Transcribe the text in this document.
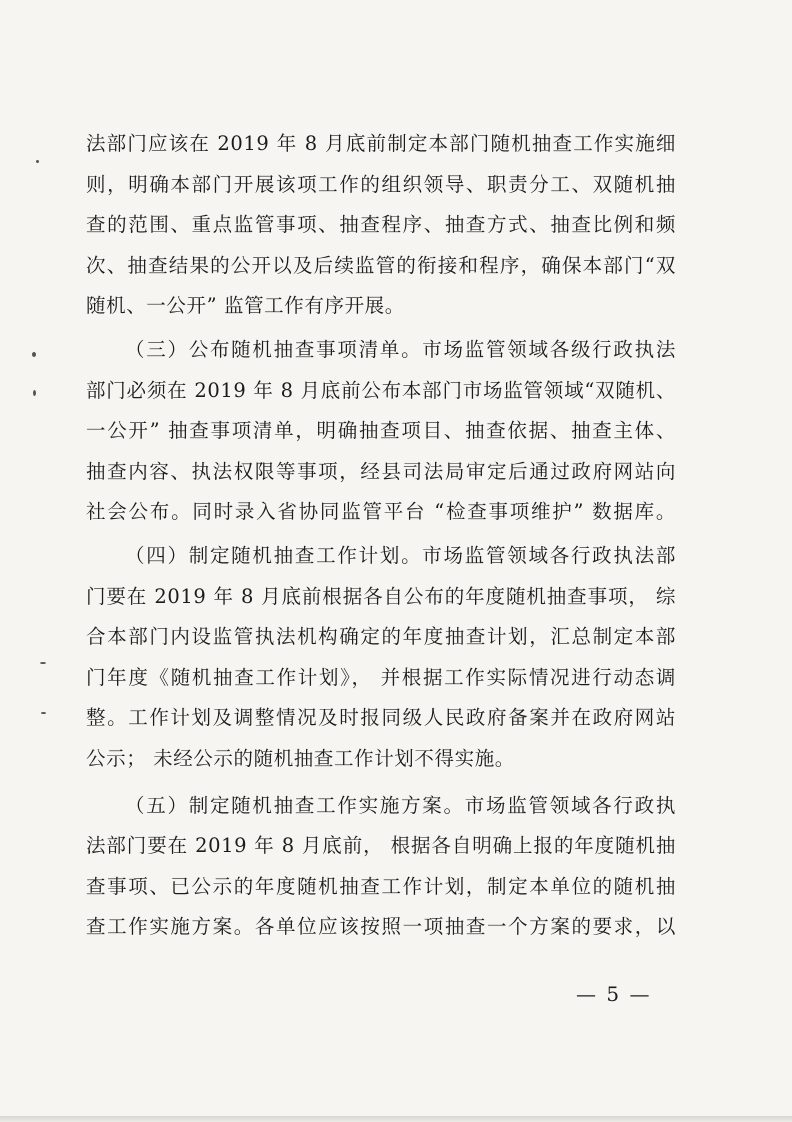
法部门应该在 2019 年 8 月底前制定本部门随机抽查工作实施细
则，明确本部门开展该项工作的组织领导、职责分工、双随机抽
查的范围、重点监管事项、抽查程序、抽查方式、抽查比例和频
次、抽查结果的公开以及后续监管的衔接和程序，确保本部门“双
随机、一公开” 监管工作有序开展。
（三）公布随机抽查事项清单。市场监管领域各级行政执法
部门必须在 2019 年 8 月底前公布本部门市场监管领域“双随机、
一公开” 抽查事项清单，明确抽查项目、抽查依据、抽查主体、
抽查内容、执法权限等事项，经县司法局审定后通过政府网站向
社会公布。同时录入省协同监管平台 “检查事项维护” 数据库。
（四）制定随机抽查工作计划。市场监管领域各行政执法部
门要在 2019 年 8 月底前根据各自公布的年度随机抽查事项， 综
合本部门内设监管执法机构确定的年度抽查计划，汇总制定本部
门年度《随机抽查工作计划》， 并根据工作实际情况进行动态调
整。工作计划及调整情况及时报同级人民政府备案并在政府网站
公示； 未经公示的随机抽查工作计划不得实施。
（五）制定随机抽查工作实施方案。市场监管领域各行政执
法部门要在 2019 年 8 月底前， 根据各自明确上报的年度随机抽
查事项、已公示的年度随机抽查工作计划，制定本单位的随机抽
查工作实施方案。各单位应该按照一项抽查一个方案的要求，以
— 5 —
